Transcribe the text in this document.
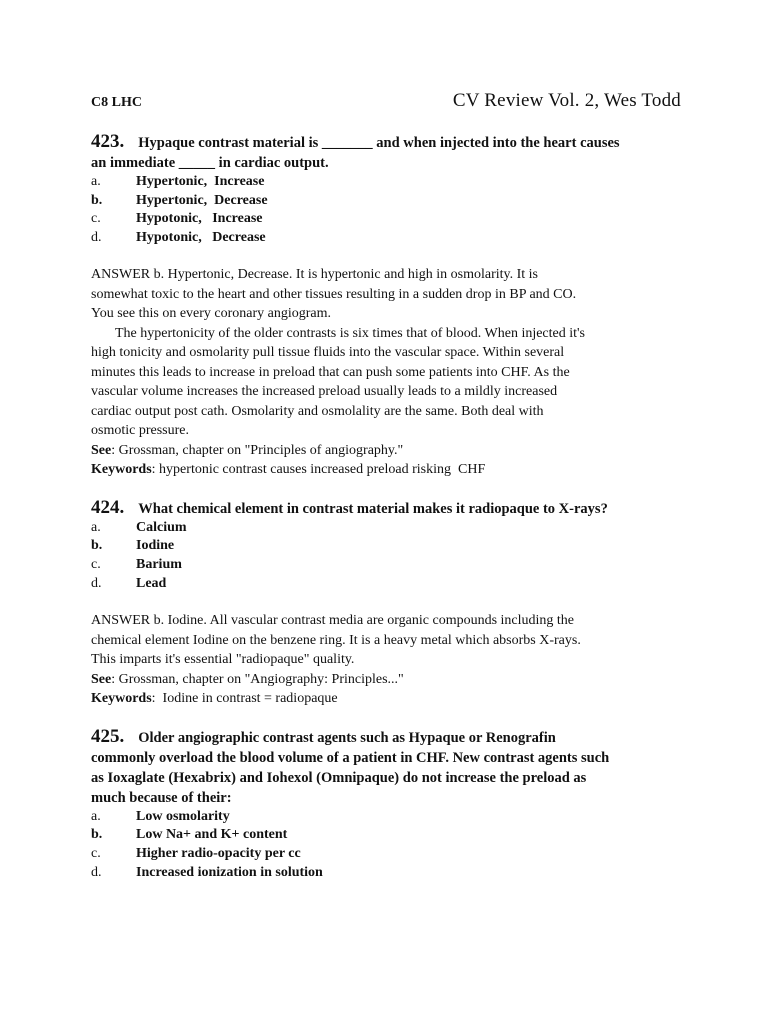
C8 LHC	CV Review Vol. 2, Wes Todd
423. Hypaque contrast material is _______ and when injected into the heart causes
an immediate _____ in cardiac output.
a.	Hypertonic,  Increase
b.	Hypertonic,  Decrease
c.	Hypotonic,   Increase
d.	Hypotonic,   Decrease

ANSWER b. Hypertonic, Decrease. It is hypertonic and high in osmolarity. It is

somewhat toxic to the heart and other tissues resulting in a sudden drop in BP and CO.

You see this on every coronary angiogram.

The hypertonicity of the older contrasts is six times that of blood. When injected it's

high tonicity and osmolarity pull tissue fluids into the vascular space. Within several

minutes this leads to increase in preload that can push some patients into CHF. As the

vascular volume increases the increased preload usually leads to a mildly increased

cardiac output post cath. Osmolarity and osmolality are the same. Both deal with

osmotic pressure.

See: Grossman, chapter on "Principles of angiography."

Keywords: hypertonic contrast causes increased preload risking  CHF

424. What chemical element in contrast material makes it radiopaque to X-rays?
a.	Calcium
b.	Iodine
c.	Barium
d.	Lead

ANSWER b. Iodine. All vascular contrast media are organic compounds including the

chemical element Iodine on the benzene ring. It is a heavy metal which absorbs X-rays.

This imparts it's essential "radiopaque" quality.

See: Grossman, chapter on "Angiography: Principles..."

Keywords:  Iodine in contrast = radiopaque

425. Older angiographic contrast agents such as Hypaque or Renografin
commonly overload the blood volume of a patient in CHF. New contrast agents such
as Ioxaglate (Hexabrix) and Iohexol (Omnipaque) do not increase the preload as
much because of their:
a.	Low osmolarity
b.	Low Na+ and K+ content
c.	Higher radio-opacity per cc
d.	Increased ionization in solution
